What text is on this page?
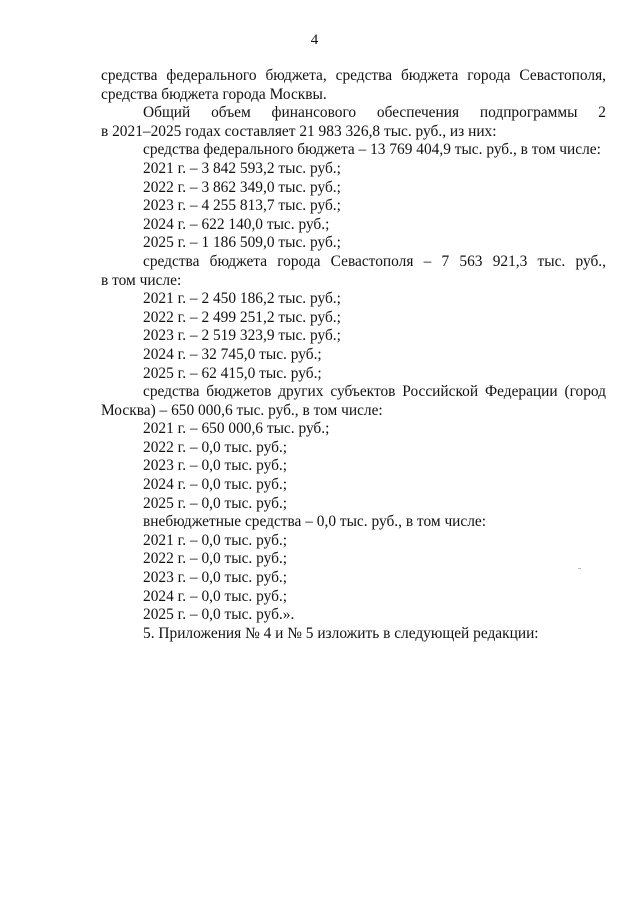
4
средства федерального бюджета, средства бюджета города Севастополя,
средства бюджета города Москвы.
Общий объем финансового обеспечения подпрограммы 2
в 2021–2025 годах составляет 21 983 326,8 тыс. руб., из них:
средства федерального бюджета – 13 769 404,9 тыс. руб., в том числе:
2021 г. – 3 842 593,2 тыс. руб.;
2022 г. – 3 862 349,0 тыс. руб.;
2023 г. – 4 255 813,7 тыс. руб.;
2024 г. – 622 140,0 тыс. руб.;
2025 г. – 1 186 509,0 тыс. руб.;
средства бюджета города Севастополя – 7 563 921,3 тыс. руб.,
в том числе:
2021 г. – 2 450 186,2 тыс. руб.;
2022 г. – 2 499 251,2 тыс. руб.;
2023 г. – 2 519 323,9 тыс. руб.;
2024 г. – 32 745,0 тыс. руб.;
2025 г. – 62 415,0 тыс. руб.;
средства бюджетов других субъектов Российской Федерации (город
Москва) – 650 000,6 тыс. руб., в том числе:
2021 г. – 650 000,6 тыс. руб.;
2022 г. – 0,0 тыс. руб.;
2023 г. – 0,0 тыс. руб.;
2024 г. – 0,0 тыс. руб.;
2025 г. – 0,0 тыс. руб.;
внебюджетные средства – 0,0 тыс. руб., в том числе:
2021 г. – 0,0 тыс. руб.;
2022 г. – 0,0 тыс. руб.;
2023 г. – 0,0 тыс. руб.;
2024 г. – 0,0 тыс. руб.;
2025 г. – 0,0 тыс. руб.».
5. Приложения № 4 и № 5 изложить в следующей редакции:
